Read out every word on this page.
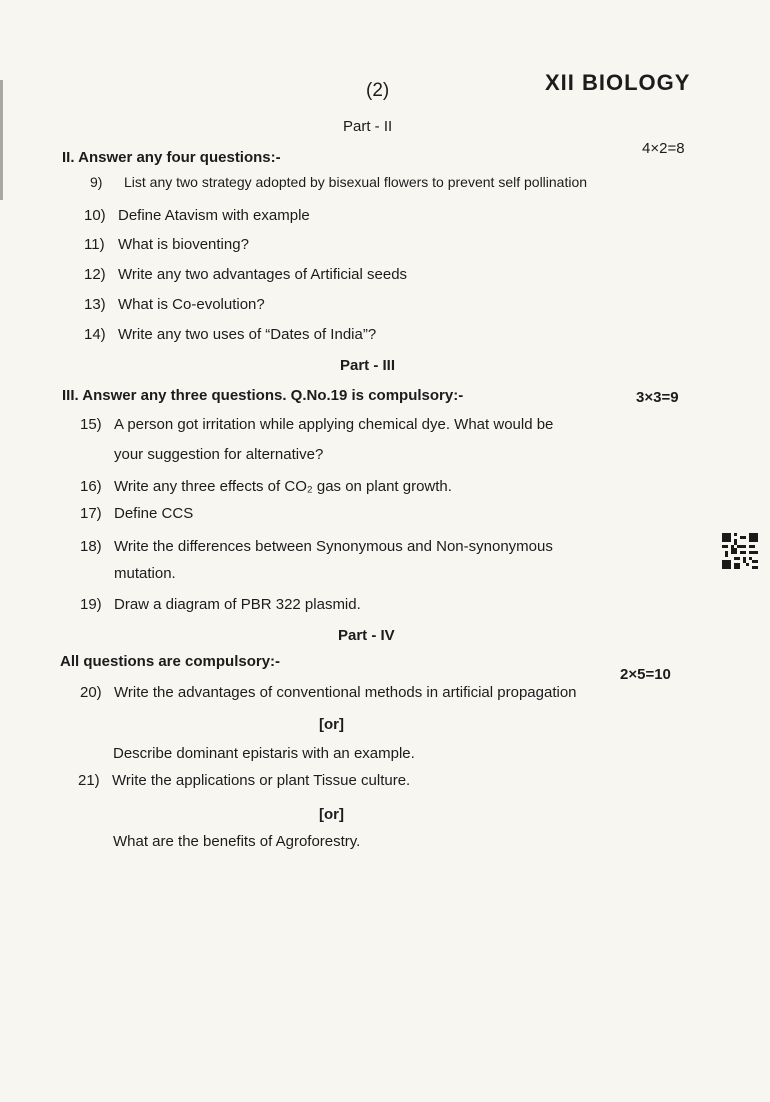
(2)	XII BIOLOGY
Part - II
II. Answer any four questions:-
4×2=8
9) List any two strategy adopted by bisexual flowers to prevent self pollination
10) Define Atavism with example
11) What is bioventing?
12) Write any two advantages of Artificial seeds
13) What is Co-evolution?
14) Write any two uses of “Dates of India”?
Part - III
III. Answer any three questions. Q.No.19 is compulsory:-	3×3=9
15) A person got irritation while applying chemical dye. What would be
your suggestion for alternative?
16) Write any three effects of CO₂ gas on plant growth.
17) Define CCS
18) Write the differences between Synonymous and Non-synonymous
mutation.
19) Draw a diagram of PBR 322 plasmid.
Part - IV
All questions are compulsory:-
2×5=10
20) Write the advantages of conventional methods in artificial propagation
[or]
Describe dominant epistaris with an example.
21) Write the applications or plant Tissue culture.
[or]
What are the benefits of Agroforestry.
